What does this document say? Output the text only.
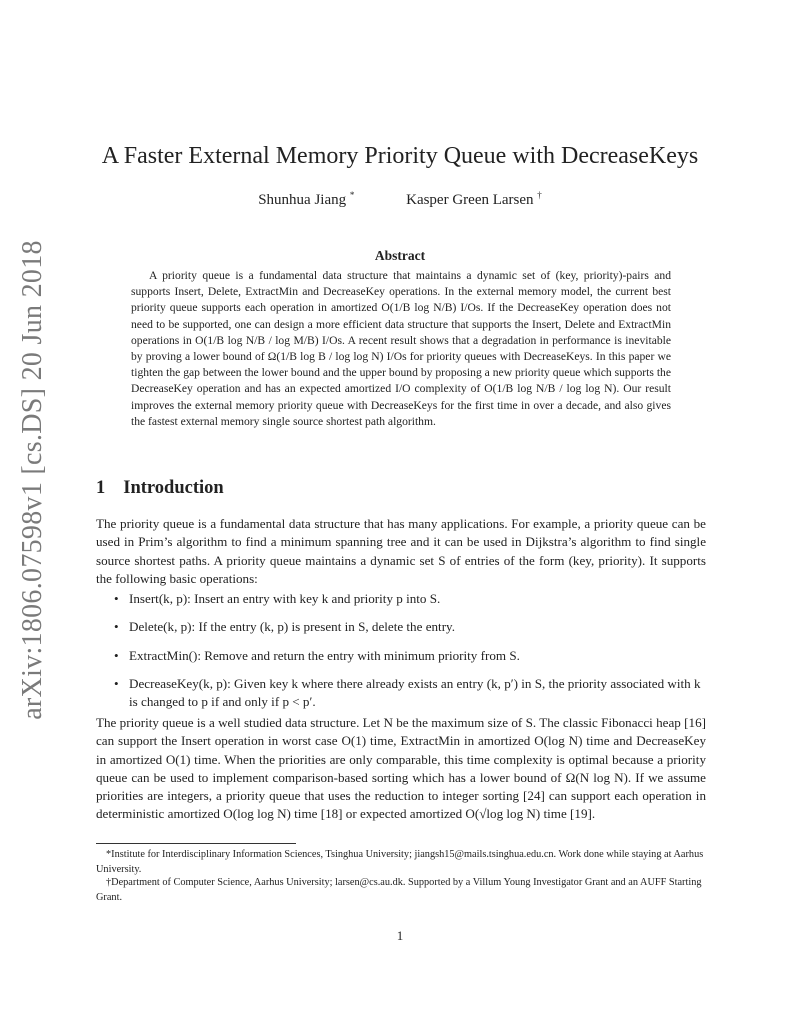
arXiv:1806.07598v1 [cs.DS] 20 Jun 2018
A Faster External Memory Priority Queue with DecreaseKeys
Shunhua Jiang *	Kasper Green Larsen †
Abstract

A priority queue is a fundamental data structure that maintains a dynamic set of (key, priority)-pairs and supports Insert, Delete, ExtractMin and DecreaseKey operations. In the external memory model, the current best priority queue supports each operation in amortized O(1/B log N/B) I/Os. If the DecreaseKey operation does not need to be supported, one can design a more efficient data structure that supports the Insert, Delete and ExtractMin operations in O(1/B log N/B / log M/B) I/Os. A recent result shows that a degradation in performance is inevitable by proving a lower bound of Ω(1/B log B / log log N) I/Os for priority queues with DecreaseKeys. In this paper we tighten the gap between the lower bound and the upper bound by proposing a new priority queue which supports the DecreaseKey operation and has an expected amortized I/O complexity of O(1/B log N/B / log log N). Our result improves the external memory priority queue with DecreaseKeys for the first time in over a decade, and also gives the fastest external memory single source shortest path algorithm.

1 Introduction

The priority queue is a fundamental data structure that has many applications. For example, a priority queue can be used in Prim’s algorithm to find a minimum spanning tree and it can be used in Dijkstra’s algorithm to find single source shortest paths. A priority queue maintains a dynamic set S of entries of the form (key, priority). It supports the following basic operations:

• Insert(k, p): Insert an entry with key k and priority p into S.
• Delete(k, p): If the entry (k, p) is present in S, delete the entry.
• ExtractMin(): Remove and return the entry with minimum priority from S.
• DecreaseKey(k, p): Given key k where there already exists an entry (k, p′) in S, the priority associated with k is changed to p if and only if p < p′.

The priority queue is a well studied data structure. Let N be the maximum size of S. The classic Fibonacci heap [16] can support the Insert operation in worst case O(1) time, ExtractMin in amortized O(log N) time and DecreaseKey in amortized O(1) time. When the priorities are only comparable, this time complexity is optimal because a priority queue can be used to implement comparison-based sorting which has a lower bound of Ω(N log N). If we assume priorities are integers, a priority queue that uses the reduction to integer sorting [24] can support each operation in deterministic amortized O(log log N) time [18] or expected amortized O(√log log N) time [19].

*Institute for Interdisciplinary Information Sciences, Tsinghua University; jiangsh15@mails.tsinghua.edu.cn. Work done while staying at Aarhus University.

†Department of Computer Science, Aarhus University; larsen@cs.au.dk. Supported by a Villum Young Investigator Grant and an AUFF Starting Grant.

1
